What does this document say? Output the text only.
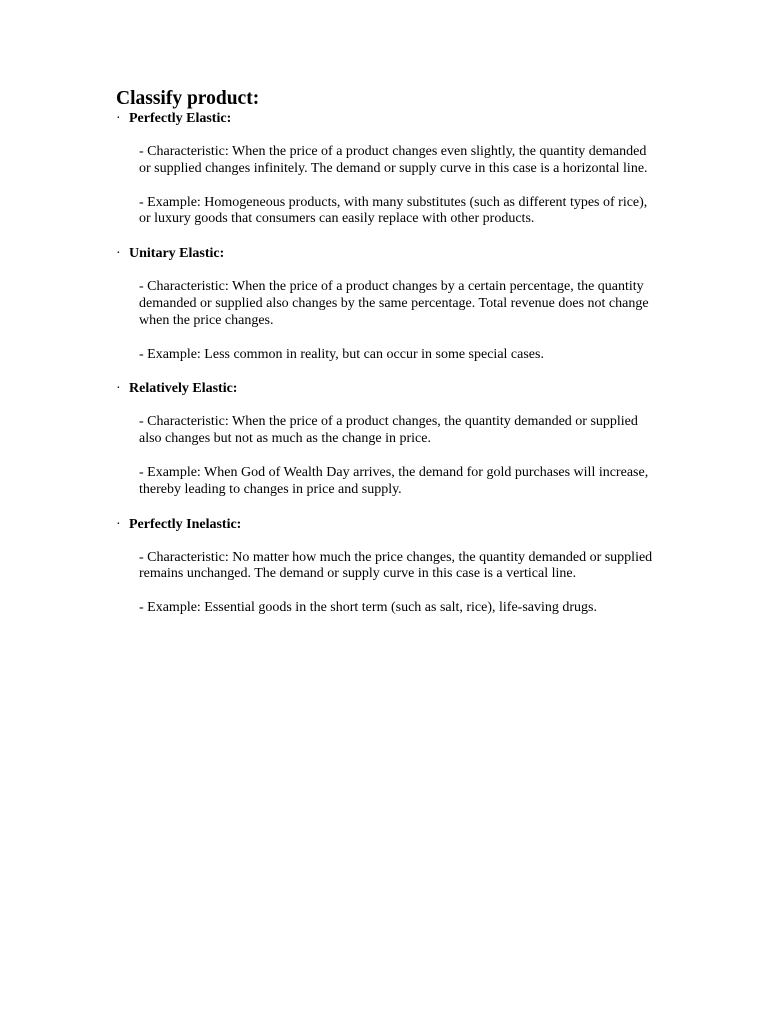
Classify product:
· Perfectly Elastic:

- Characteristic: When the price of a product changes even slightly, the quantity demanded or supplied changes infinitely. The demand or supply curve in this case is a horizontal line.

- Example: Homogeneous products, with many substitutes (such as different types of rice), or luxury goods that consumers can easily replace with other products.

· Unitary Elastic:

- Characteristic: When the price of a product changes by a certain percentage, the quantity demanded or supplied also changes by the same percentage. Total revenue does not change when the price changes.

- Example: Less common in reality, but can occur in some special cases.

· Relatively Elastic:

- Characteristic: When the price of a product changes, the quantity demanded or supplied also changes but not as much as the change in price.

- Example: When God of Wealth Day arrives, the demand for gold purchases will increase, thereby leading to changes in price and supply.

· Perfectly Inelastic:

- Characteristic: No matter how much the price changes, the quantity demanded or supplied remains unchanged. The demand or supply curve in this case is a vertical line.

- Example: Essential goods in the short term (such as salt, rice), life-saving drugs.
